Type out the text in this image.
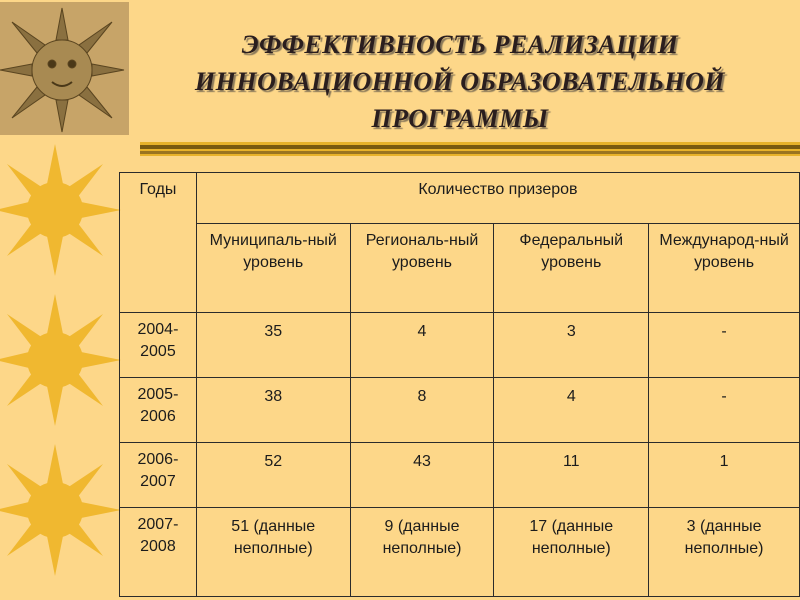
ЭФФЕКТИВНОСТЬ РЕАЛИЗАЦИИ
ИННОВАЦИОННОЙ ОБРАЗОВАТЕЛЬНОЙ
ПРОГРАММЫ
Годы	Количество призеров			
	Муниципаль-ный уровень	Региональ-ный уровень	Федеральный уровень	Международ-ный уровень
2004-2005	35	4	3	-
2005-2006	38	8	4	-
2006-2007	52	43	11	1
2007-2008	51 (данные неполные)	9 (данные неполные)	17 (данные неполные)	3 (данные неполные)
